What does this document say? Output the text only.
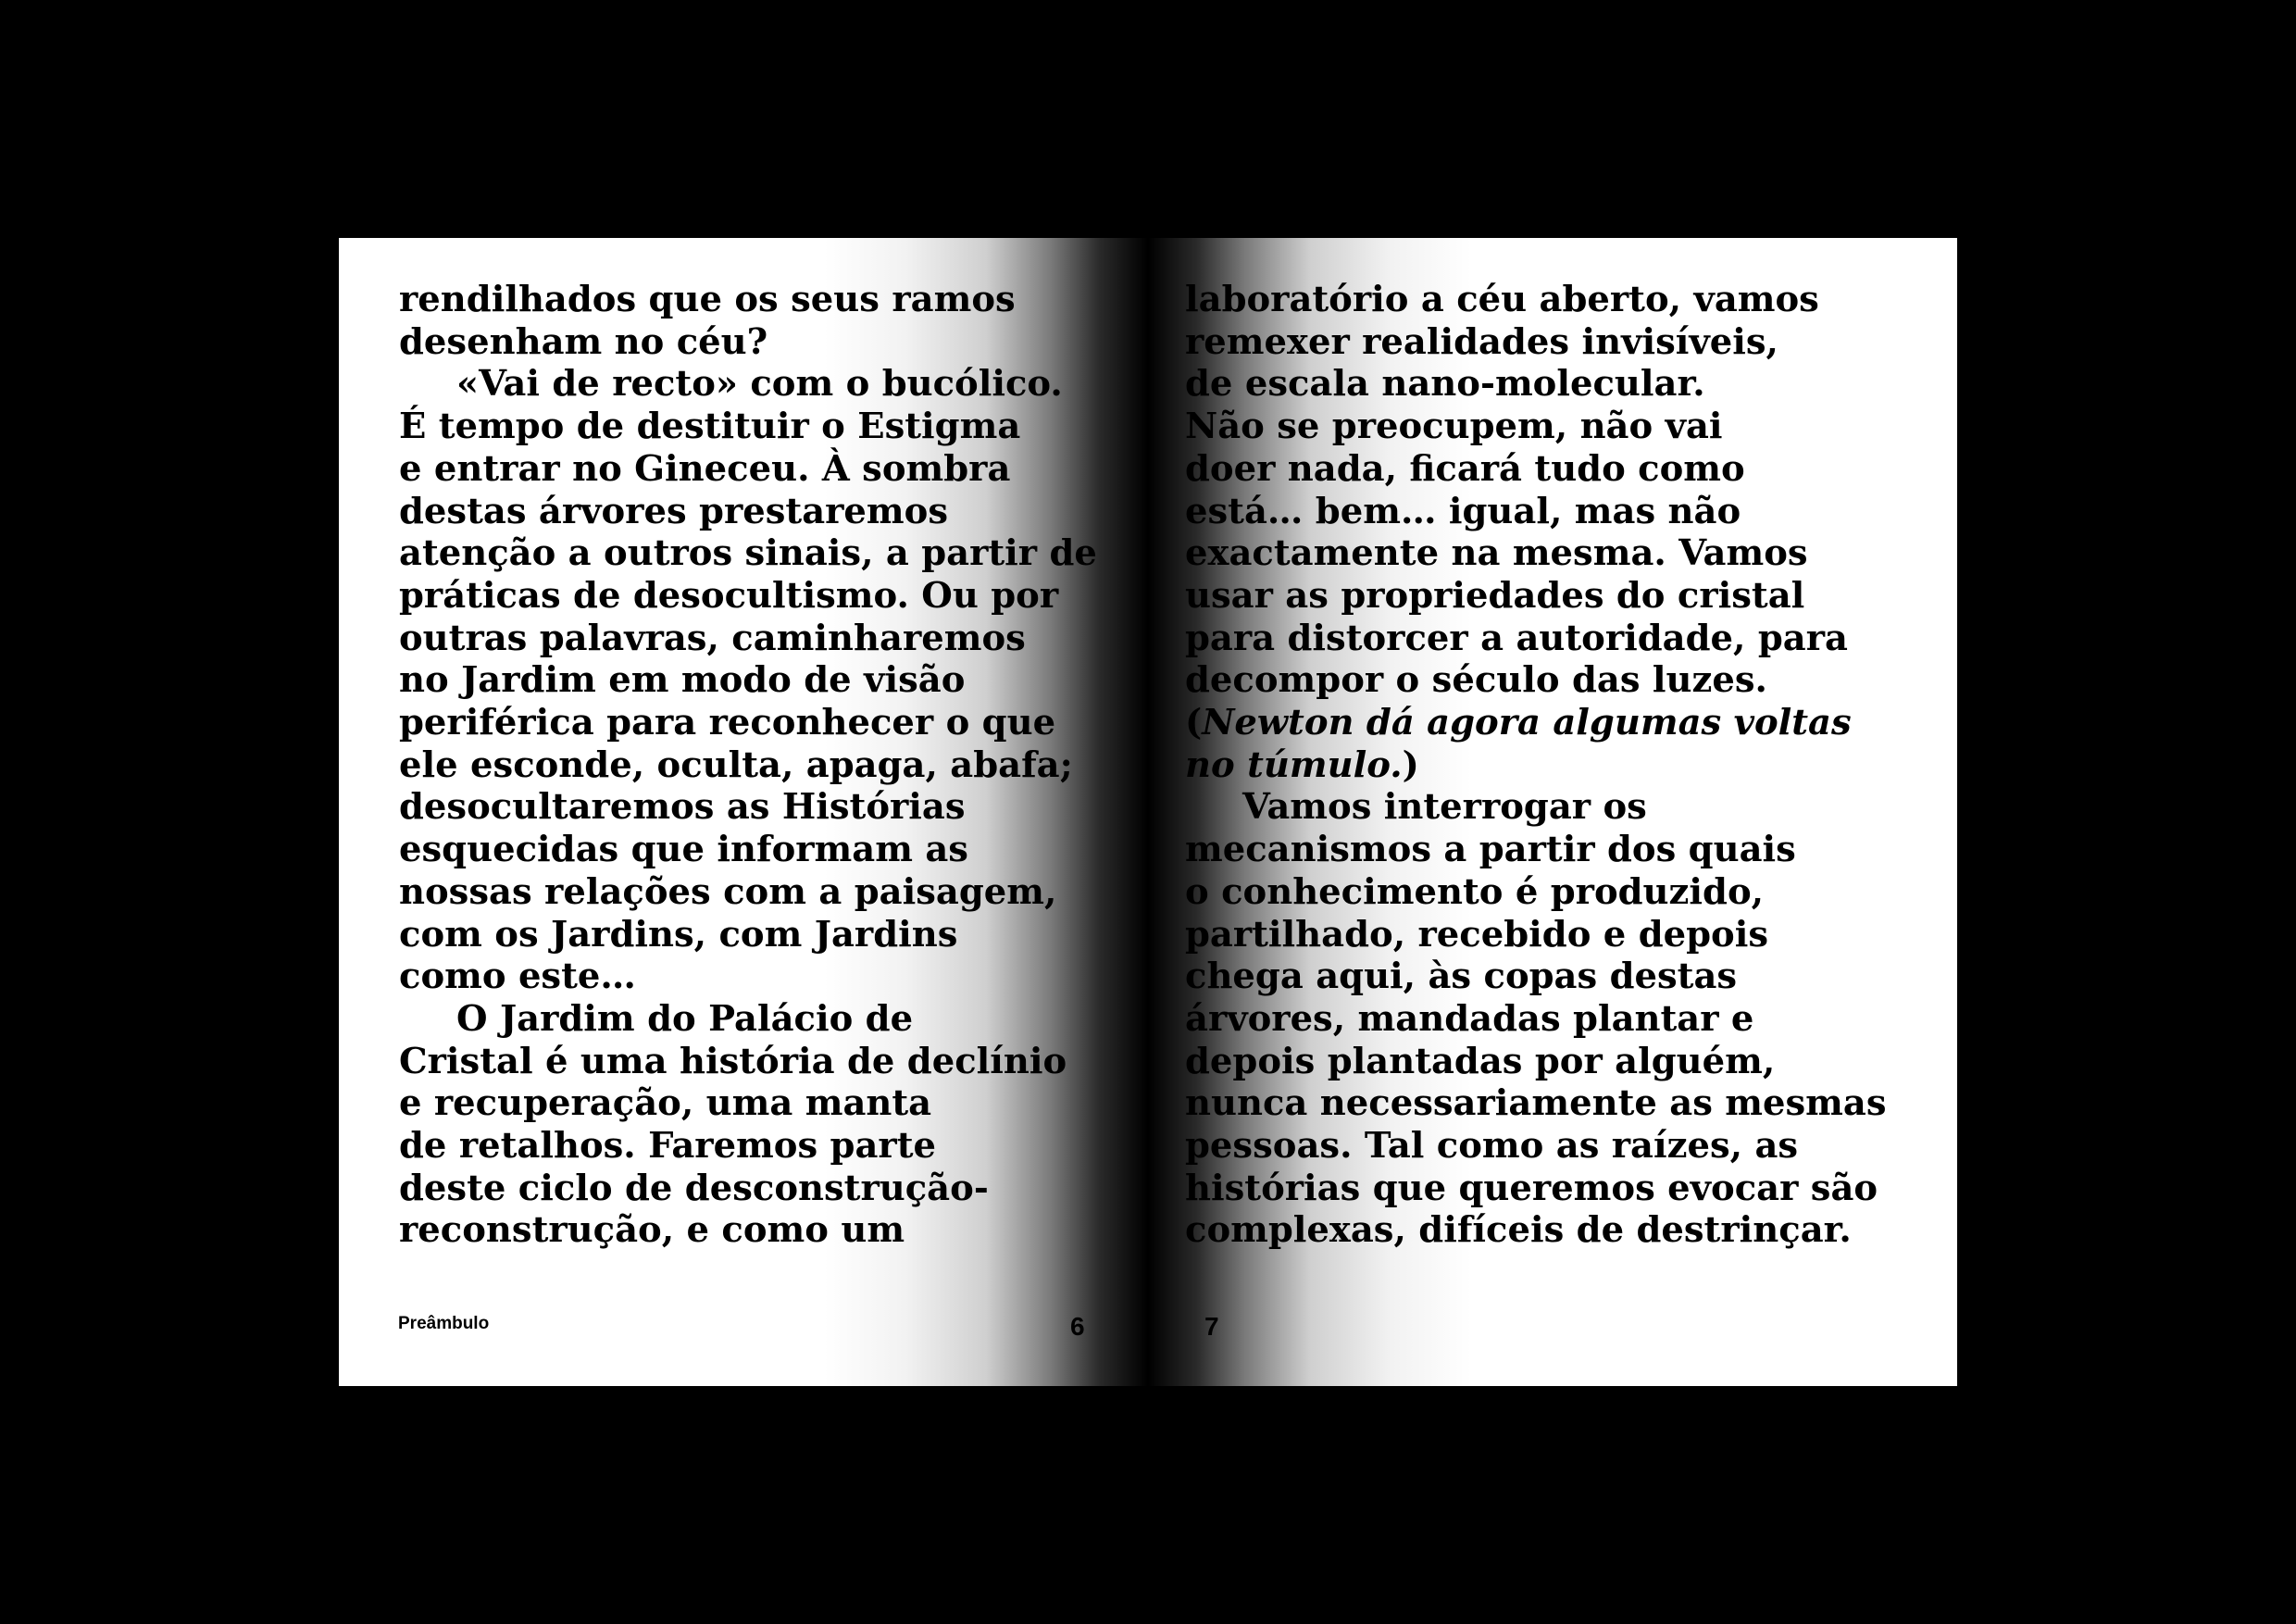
rendilhados que os seus ramos
desenham no céu?
«Vai de recto» com o bucólico.
É tempo de destituir o Estigma
e entrar no Gineceu. À sombra
destas árvores prestaremos
atenção a outros sinais, a partir de
práticas de desocultismo. Ou por
outras palavras, caminharemos
no Jardim em modo de visão
periférica para reconhecer o que
ele esconde, oculta, apaga, abafa;
desocultaremos as Histórias
esquecidas que informam as
nossas relações com a paisagem,
com os Jardins, com Jardins
como este…
O Jardim do Palácio de
Cristal é uma história de declínio
e recuperação, uma manta
de retalhos. Faremos parte
deste ciclo de desconstrução-
reconstrução, e como um
Preâmbulo	6
laboratório a céu aberto, vamos
remexer realidades invisíveis,
de escala nano-molecular.
Não se preocupem, não vai
doer nada, ficará tudo como
está… bem… igual, mas não
exactamente na mesma. Vamos
usar as propriedades do cristal
para distorcer a autoridade, para
decompor o século das luzes.
(Newton dá agora algumas voltas
no túmulo.)
Vamos interrogar os
mecanismos a partir dos quais
o conhecimento é produzido,
partilhado, recebido e depois
chega aqui, às copas destas
árvores, mandadas plantar e
depois plantadas por alguém,
nunca necessariamente as mesmas
pessoas. Tal como as raízes, as
histórias que queremos evocar são
complexas, difíceis de destrinçar.
7
